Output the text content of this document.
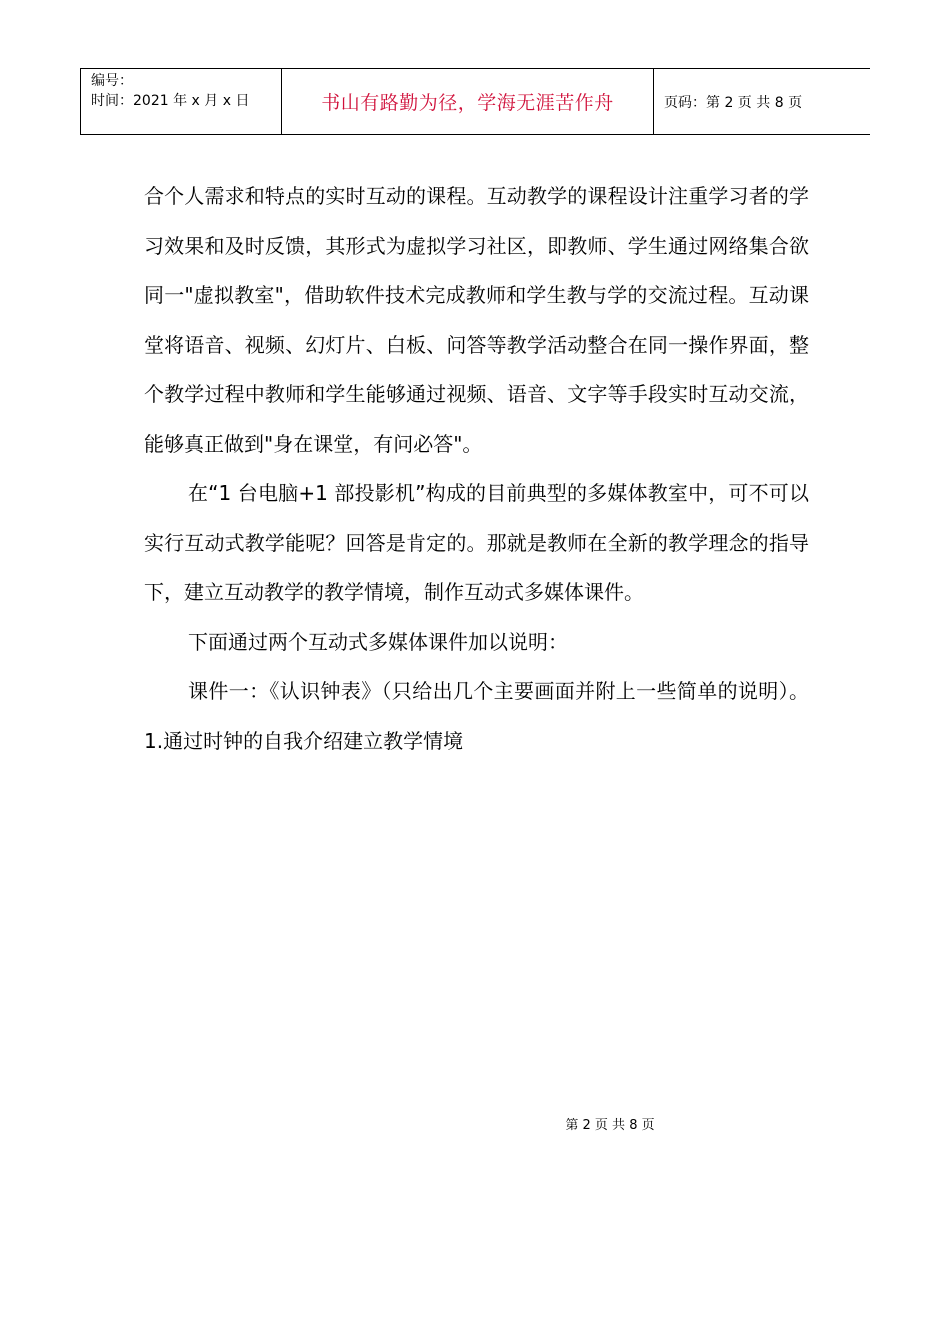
编号：
时间：2021 年 x 月 x 日	书山有路勤为径，学海无涯苦作舟	页码：第 2 页 共 8 页

合个人需求和特点的实时互动的课程。互动教学的课程设计注重学习者的学习效果和及时反馈，其形式为虚拟学习社区，即教师、学生通过网络集合欲同一"虚拟教室"，借助软件技术完成教师和学生教与学的交流过程。互动课堂将语音、视频、幻灯片、白板、问答等教学活动整合在同一操作界面，整个教学过程中教师和学生能够通过视频、语音、文字等手段实时互动交流，能够真正做到"身在课堂，有问必答"。

在“1 台电脑+1 部投影机”构成的目前典型的多媒体教室中，可不可以实行互动式教学能呢？回答是肯定的。那就是教师在全新的教学理念的指导下，建立互动教学的教学情境，制作互动式多媒体课件。

下面通过两个互动式多媒体课件加以说明：

课件一：《认识钟表》（只给出几个主要画面并附上一些简单的说明）。1.通过时钟的自我介绍建立教学情境

第 2 页 共 8 页
